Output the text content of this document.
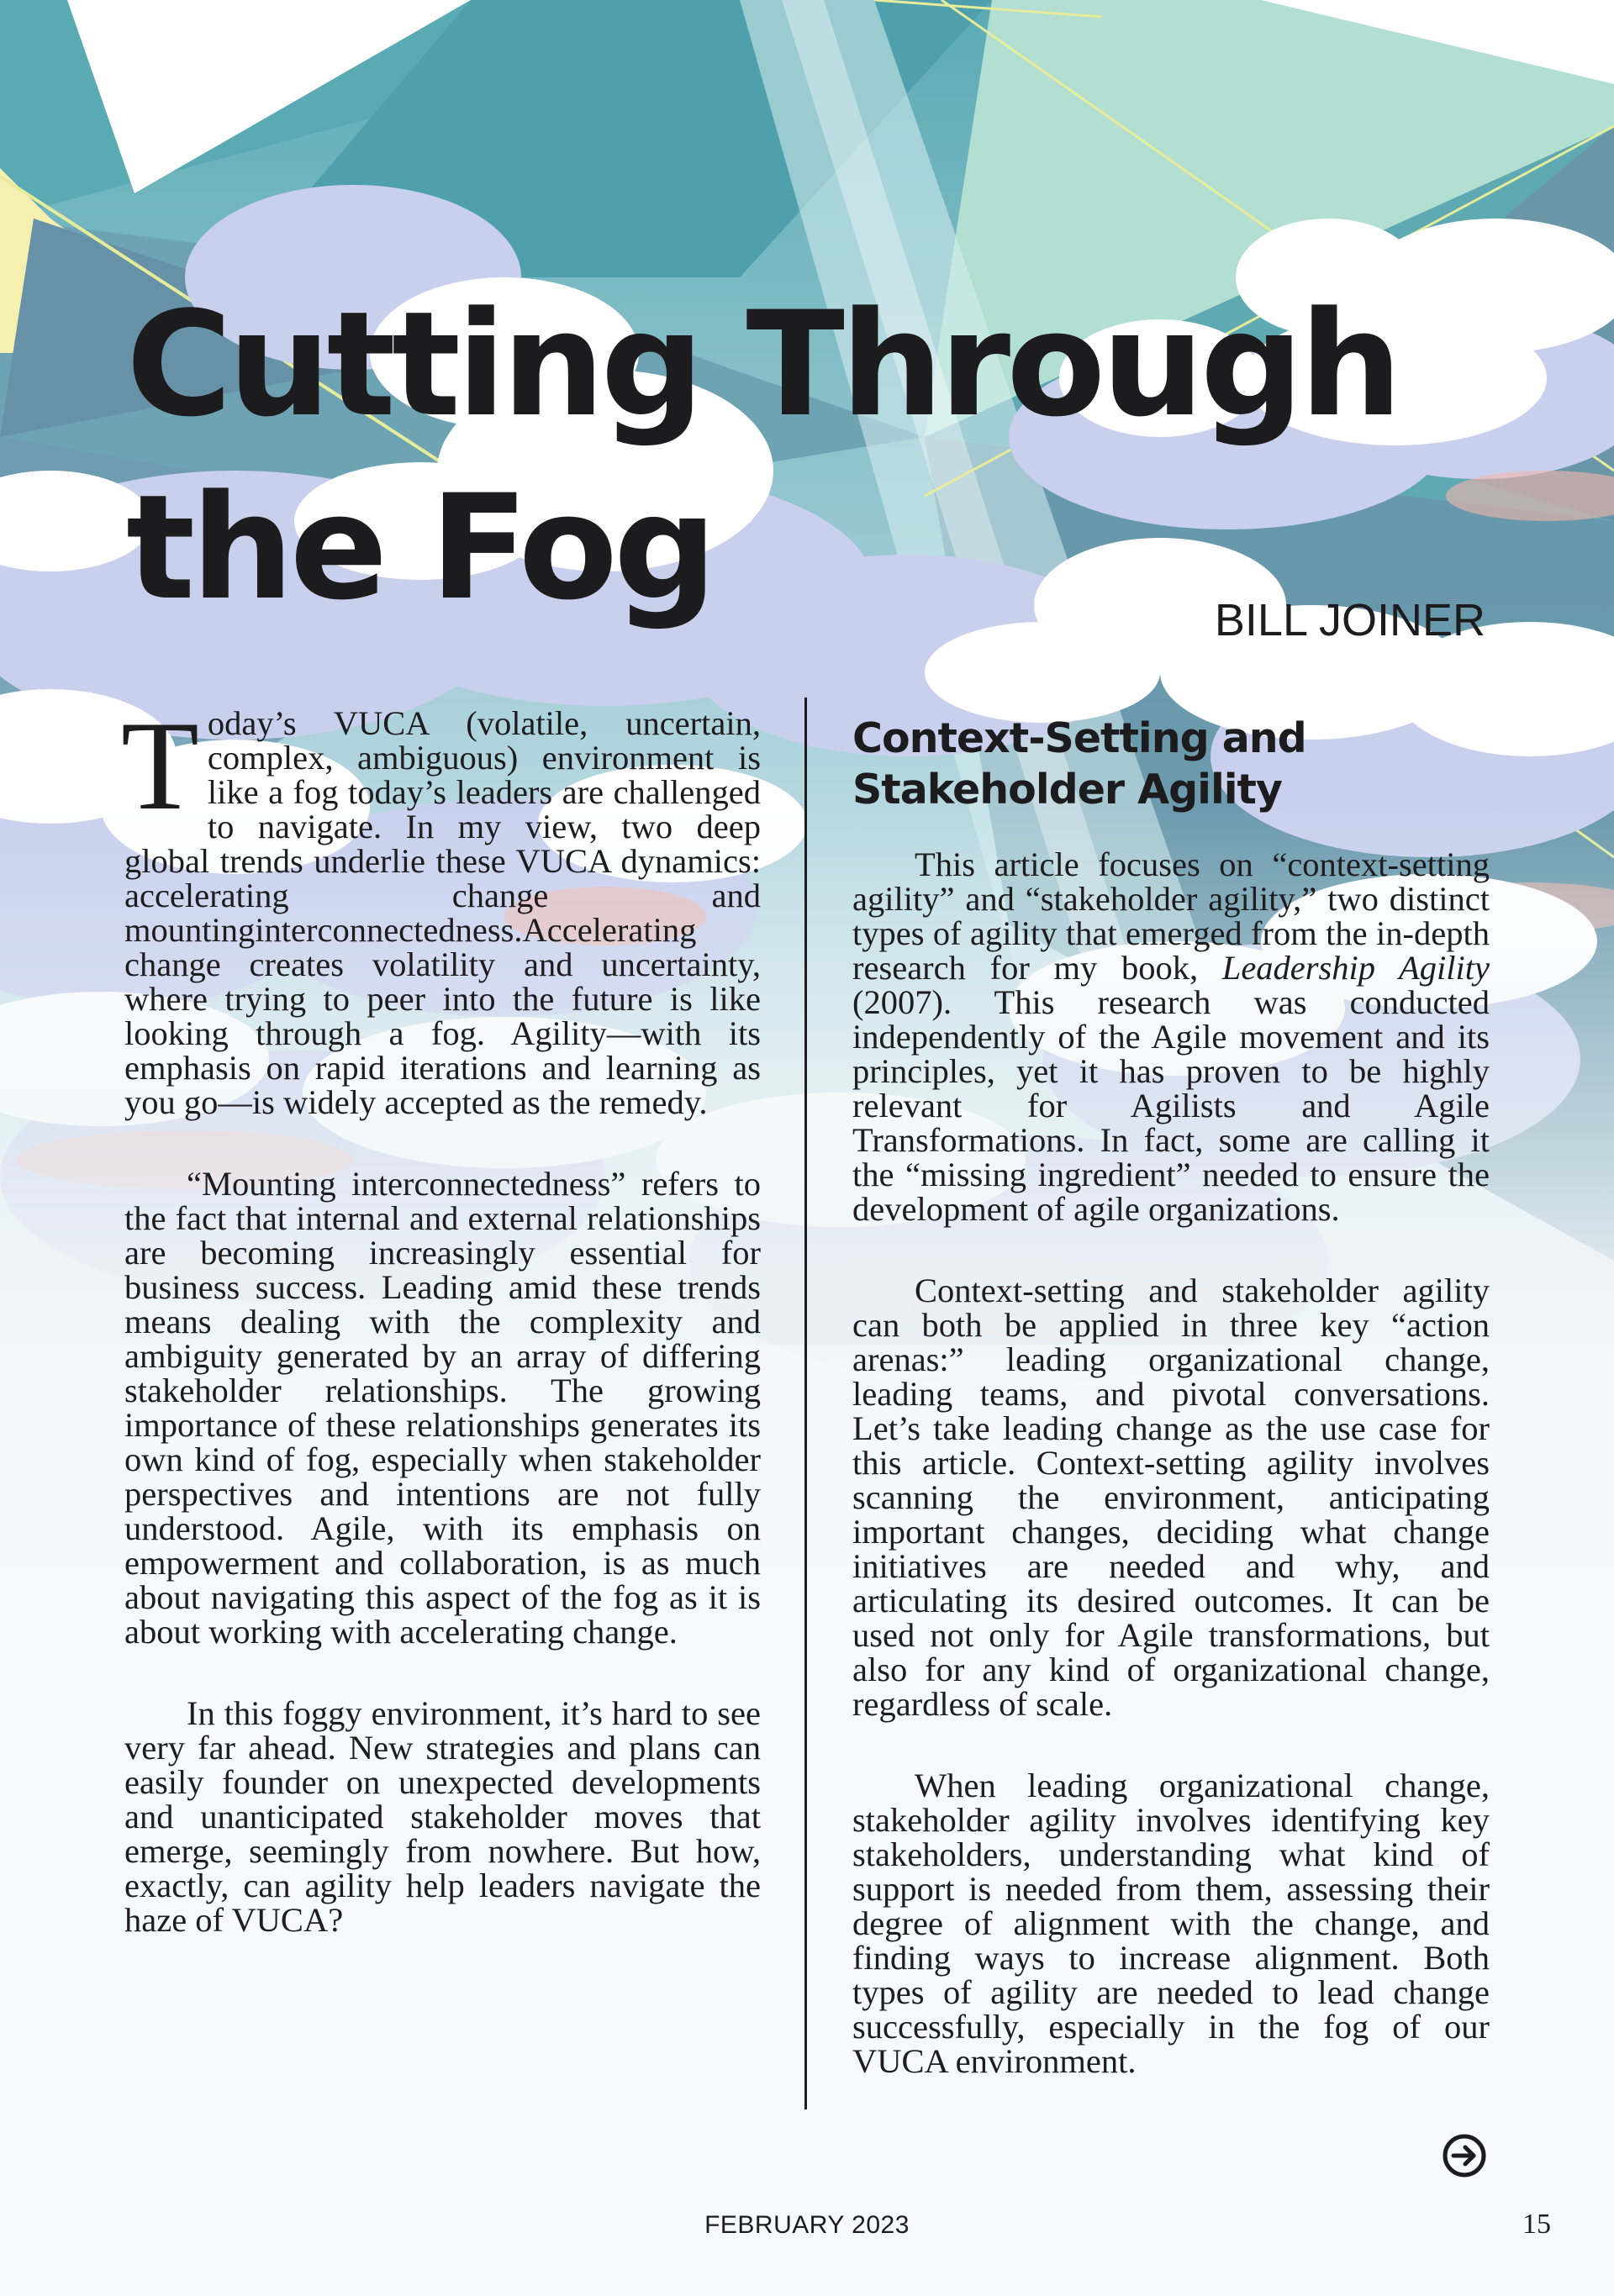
Cutting Through
the Fog	BILL JOINER

Today’s VUCA (volatile, uncertain, complex, ambiguous) environment is like a fog today’s leaders are challenged to navigate. In my view, two deep global trends underlie these VUCA dynamics: accelerating change and mountinginterconnectedness.Accelerating change creates volatility and uncertainty, where trying to peer into the future is like looking through a fog. Agility—with its emphasis on rapid iterations and learning as you go—is widely accepted as the remedy.

“Mounting interconnectedness” refers to the fact that internal and external relationships are becoming increasingly essential for business success. Leading amid these trends means dealing with the complexity and ambiguity generated by an array of differing stakeholder relationships. The growing importance of these relationships generates its own kind of fog, especially when stakeholder perspectives and intentions are not fully understood. Agile, with its emphasis on empowerment and collaboration, is as much about navigating this aspect of the fog as it is about working with accelerating change.

In this foggy environment, it’s hard to see very far ahead. New strategies and plans can easily founder on unexpected developments and unanticipated stakeholder moves that emerge, seemingly from nowhere. But how, exactly, can agility help leaders navigate the haze of VUCA?

Context-Setting and Stakeholder Agility

This article focuses on “context-setting agility” and “stakeholder agility,” two distinct types of agility that emerged from the in-depth research for my book, Leadership Agility (2007). This research was conducted independently of the Agile movement and its principles, yet it has proven to be highly relevant for Agilists and Agile Transformations. In fact, some are calling it the “missing ingredient” needed to ensure the development of agile organizations.

Context-setting and stakeholder agility can both be applied in three key “action arenas:” leading organizational change, leading teams, and pivotal conversations. Let’s take leading change as the use case for this article. Context-setting agility involves scanning the environment, anticipating important changes, deciding what change initiatives are needed and why, and articulating its desired outcomes. It can be used not only for Agile transformations, but also for any kind of organizational change, regardless of scale.

When leading organizational change, stakeholder agility involves identifying key stakeholders, understanding what kind of support is needed from them, assessing their degree of alignment with the change, and finding ways to increase alignment. Both types of agility are needed to lead change successfully, especially in the fog of our VUCA environment.

FEBRUARY 2023	15
